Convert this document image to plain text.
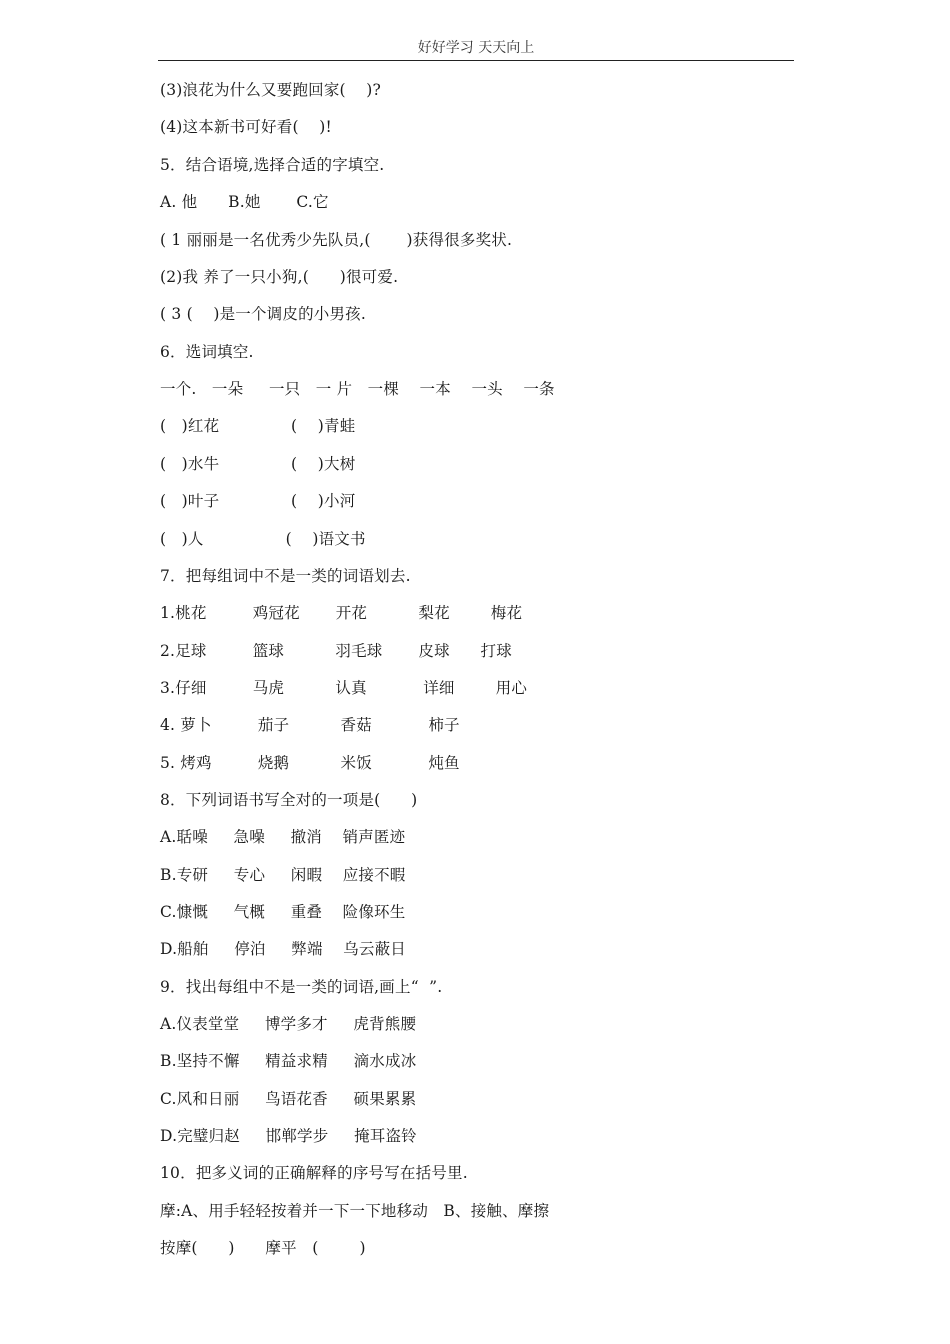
好好学习 天天向上
(3)浪花为什么又要跑回家(    )?
(4)这本新书可好看(    )!
5．结合语境,选择合适的字填空.
A. 他      B.她       C.它
( 1 丽丽是一名优秀少先队员,(       )获得很多奖状.
(2)我 养了一只小狗,(      )很可爱.
( 3 (    )是一个调皮的小男孩.
6．选词填空.
一个.   一朵     一只   一 片   一棵    一本    一头    一条
(   )红花              (    )青蛙
(   )水牛              (    )大树
(   )叶子              (    )小河
(   )人                (    )语文书
7．把每组词中不是一类的词语划去.
1.桃花         鸡冠花       开花          梨花        梅花
2.足球         篮球          羽毛球       皮球      打球
3.仔细         马虎          认真           详细        用心
4. 萝卜         茄子          香菇           柿子
5. 烤鸡         烧鹅          米饭           炖鱼
8．下列词语书写全对的一项是(      )
A.聒噪     急噪     撤消    销声匿迹
B.专研     专心     闲暇    应接不暇
C.慷慨     气概     重叠    险像环生
D.船舶     停泊     弊端    乌云蔽日
9．找出每组中不是一类的词语,画上“  ”.
A.仪表堂堂     博学多才     虎背熊腰
B.坚持不懈     精益求精     滴水成冰
C.风和日丽     鸟语花香     硕果累累
D.完璧归赵     邯郸学步     掩耳盗铃
10．把多义词的正确解释的序号写在括号里.
摩:A、用手轻轻按着并一下一下地移动   B、接触、摩擦
按摩(      )      摩平   (        )
